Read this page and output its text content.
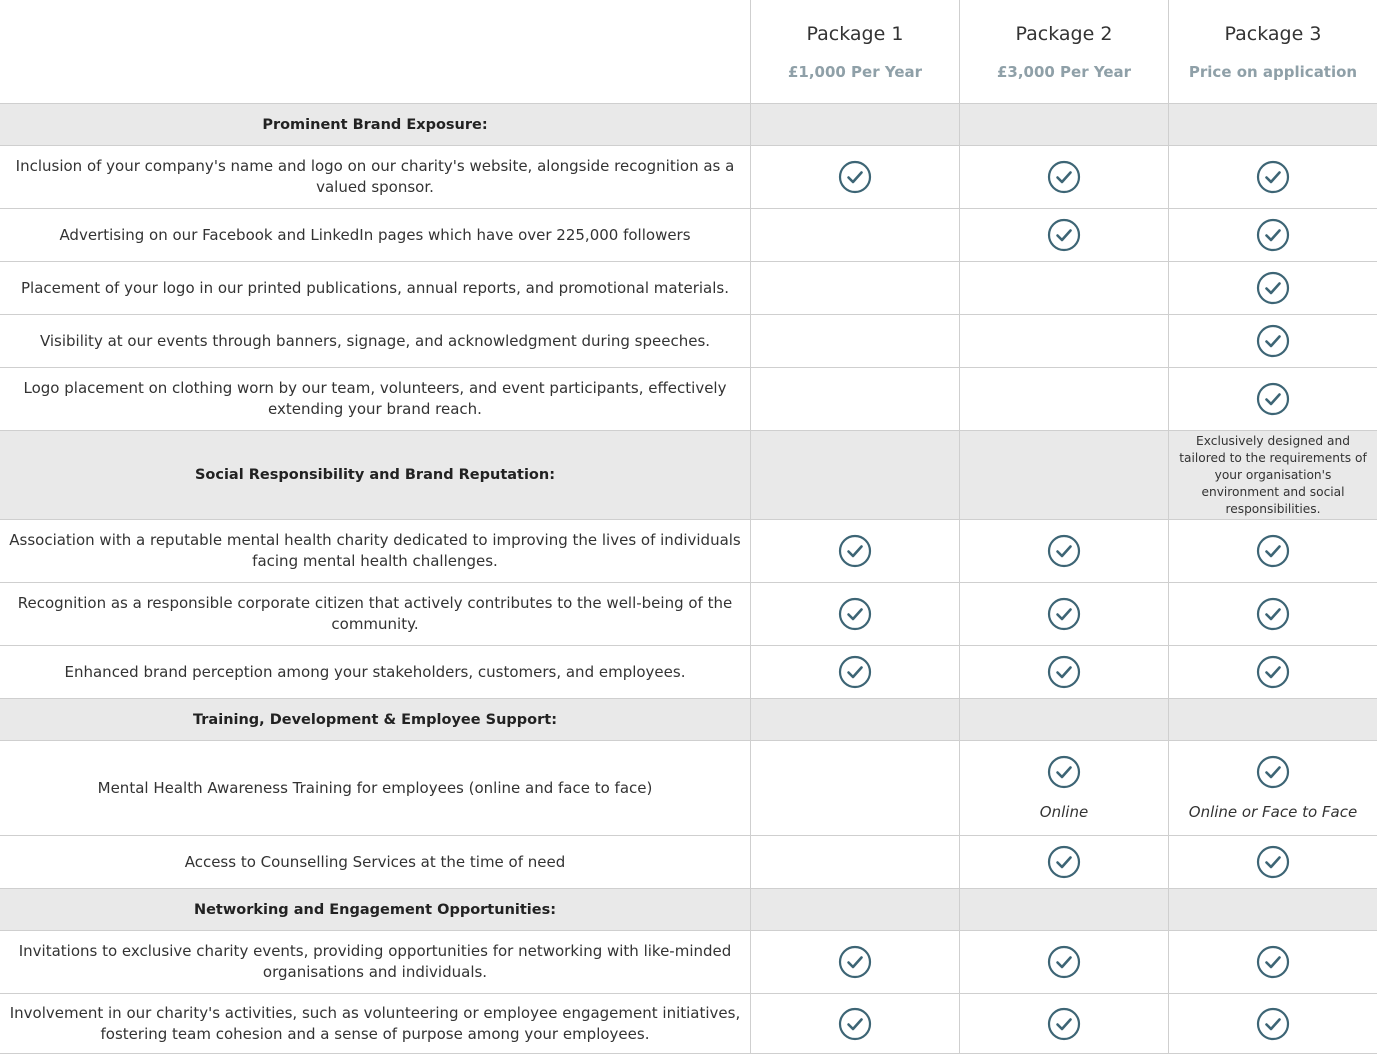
Package 1
£1,000 Per Year
Package 2
£3,000 Per Year
Package 3
Price on application
Prominent Brand Exposure:
Inclusion of your company's name and logo on our charity's website, alongside recognition as a valued sponsor.
Advertising on our Facebook and LinkedIn pages which have over 225,000 followers
Placement of your logo in our printed publications, annual reports, and promotional materials.
Visibility at our events through banners, signage, and acknowledgment during speeches.
Logo placement on clothing worn by our team, volunteers, and event participants, effectively extending your brand reach.
Social Responsibility and Brand Reputation:
Exclusively designed and tailored to the requirements of your organisation's environment and social responsibilities.
Association with a reputable mental health charity dedicated to improving the lives of individuals facing mental health challenges.
Recognition as a responsible corporate citizen that actively contributes to the well-being of the community.
Enhanced brand perception among your stakeholders, customers, and employees.
Training, Development & Employee Support:
Mental Health Awareness Training for employees (online and face to face)
Online	Online or Face to Face
Access to Counselling Services at the time of need
Networking and Engagement Opportunities:
Invitations to exclusive charity events, providing opportunities for networking with like-minded organisations and individuals.
Involvement in our charity's activities, such as volunteering or employee engagement initiatives, fostering team cohesion and a sense of purpose among your employees.
